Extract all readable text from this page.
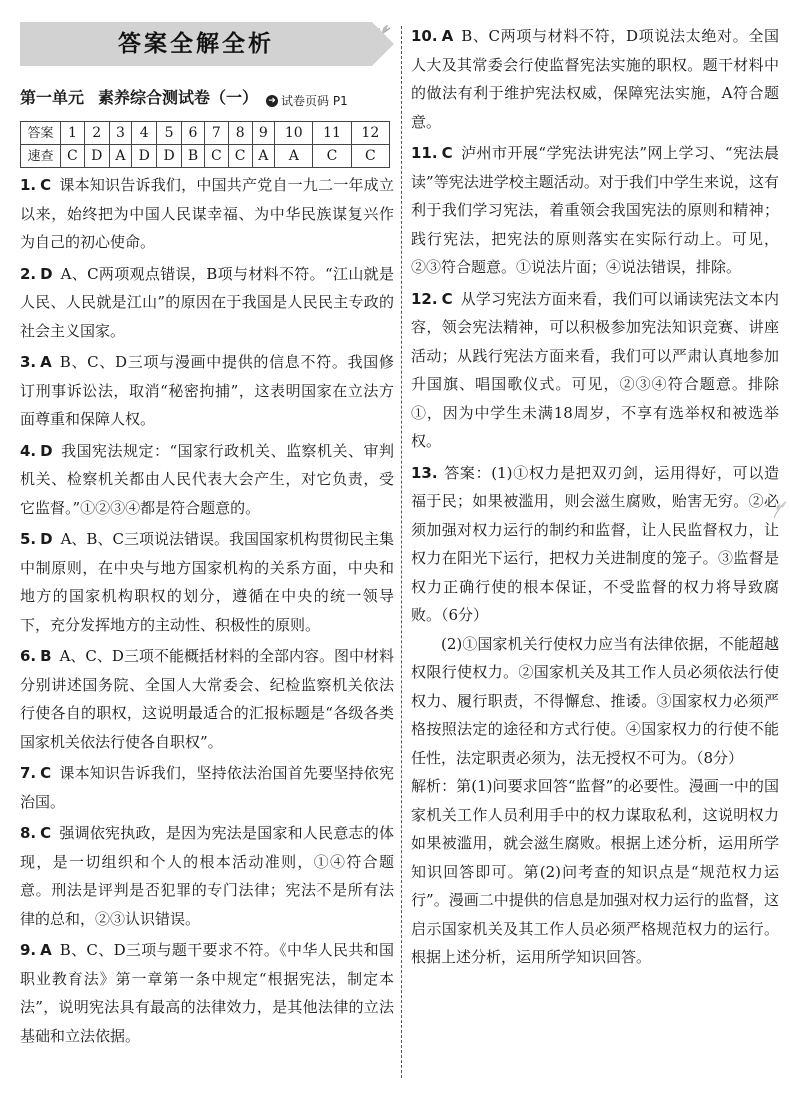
答案全解全析
第一单元 素养综合测试卷（一） ➜ 试卷页码 P1
答案	1	2	3	4	5	6	7	8	9	10	11	12
速查	C	D	A	D	D	B	C	C	A	A	C	C
1. C 课本知识告诉我们，中国共产党自一九二一年成立以来，始终把为中国人民谋幸福、为中华民族谋复兴作为自己的初心使命。
2. D A、C两项观点错误，B项与材料不符。“江山就是人民、人民就是江山”的原因在于我国是人民民主专政的社会主义国家。
3. A B、C、D三项与漫画中提供的信息不符。我国修订刑事诉讼法，取消“秘密拘捕”，这表明国家在立法方面尊重和保障人权。
4. D 我国宪法规定：“国家行政机关、监察机关、审判机关、检察机关都由人民代表大会产生，对它负责，受它监督。”①②③④都是符合题意的。
5. D A、B、C三项说法错误。我国国家机构贯彻民主集中制原则，在中央与地方国家机构的关系方面，中央和地方的国家机构职权的划分，遵循在中央的统一领导下，充分发挥地方的主动性、积极性的原则。
6. B A、C、D三项不能概括材料的全部内容。图中材料分别讲述国务院、全国人大常委会、纪检监察机关依法行使各自的职权，这说明最适合的汇报标题是“各级各类国家机关依法行使各自职权”。
7. C 课本知识告诉我们，坚持依法治国首先要坚持依宪治国。
8. C 强调依宪执政，是因为宪法是国家和人民意志的体现，是一切组织和个人的根本活动准则，①④符合题意。刑法是评判是否犯罪的专门法律；宪法不是所有法律的总和，②③认识错误。
9. A B、C、D三项与题干要求不符。《中华人民共和国职业教育法》第一章第一条中规定“根据宪法，制定本法”，说明宪法具有最高的法律效力，是其他法律的立法基础和立法依据。
10. A B、C两项与材料不符，D项说法太绝对。全国人大及其常委会行使监督宪法实施的职权。题干材料中的做法有利于维护宪法权威，保障宪法实施，A符合题意。
11. C 泸州市开展“学宪法讲宪法”网上学习、“宪法晨读”等宪法进学校主题活动。对于我们中学生来说，这有利于我们学习宪法，着重领会我国宪法的原则和精神；践行宪法，把宪法的原则落实在实际行动上。可见，②③符合题意。①说法片面；④说法错误，排除。
12. C 从学习宪法方面来看，我们可以诵读宪法文本内容，领会宪法精神，可以积极参加宪法知识竞赛、讲座活动；从践行宪法方面来看，我们可以严肃认真地参加升国旗、唱国歌仪式。可见，②③④符合题意。排除①，因为中学生未满18周岁，不享有选举权和被选举权。
13. 答案：(1)①权力是把双刃剑，运用得好，可以造福于民；如果被滥用，则会滋生腐败，贻害无穷。②必须加强对权力运行的制约和监督，让人民监督权力，让权力在阳光下运行，把权力关进制度的笼子。③监督是权力正确行使的根本保证，不受监督的权力将导致腐败。（6分）
(2)①国家机关行使权力应当有法律依据，不能超越权限行使权力。②国家机关及其工作人员必须依法行使权力、履行职责，不得懈怠、推诿。③国家权力必须严格按照法定的途径和方式行使。④国家权力的行使不能任性，法定职责必须为，法无授权不可为。（8分）
解析：第(1)问要求回答“监督”的必要性。漫画一中的国家机关工作人员利用手中的权力谋取私利，这说明权力如果被滥用，就会滋生腐败。根据上述分析，运用所学知识回答即可。第(2)问考查的知识点是“规范权力运行”。漫画二中提供的信息是加强对权力运行的监督，这启示国家机关及其工作人员必须严格规范权力的运行。根据上述分析，运用所学知识回答。
